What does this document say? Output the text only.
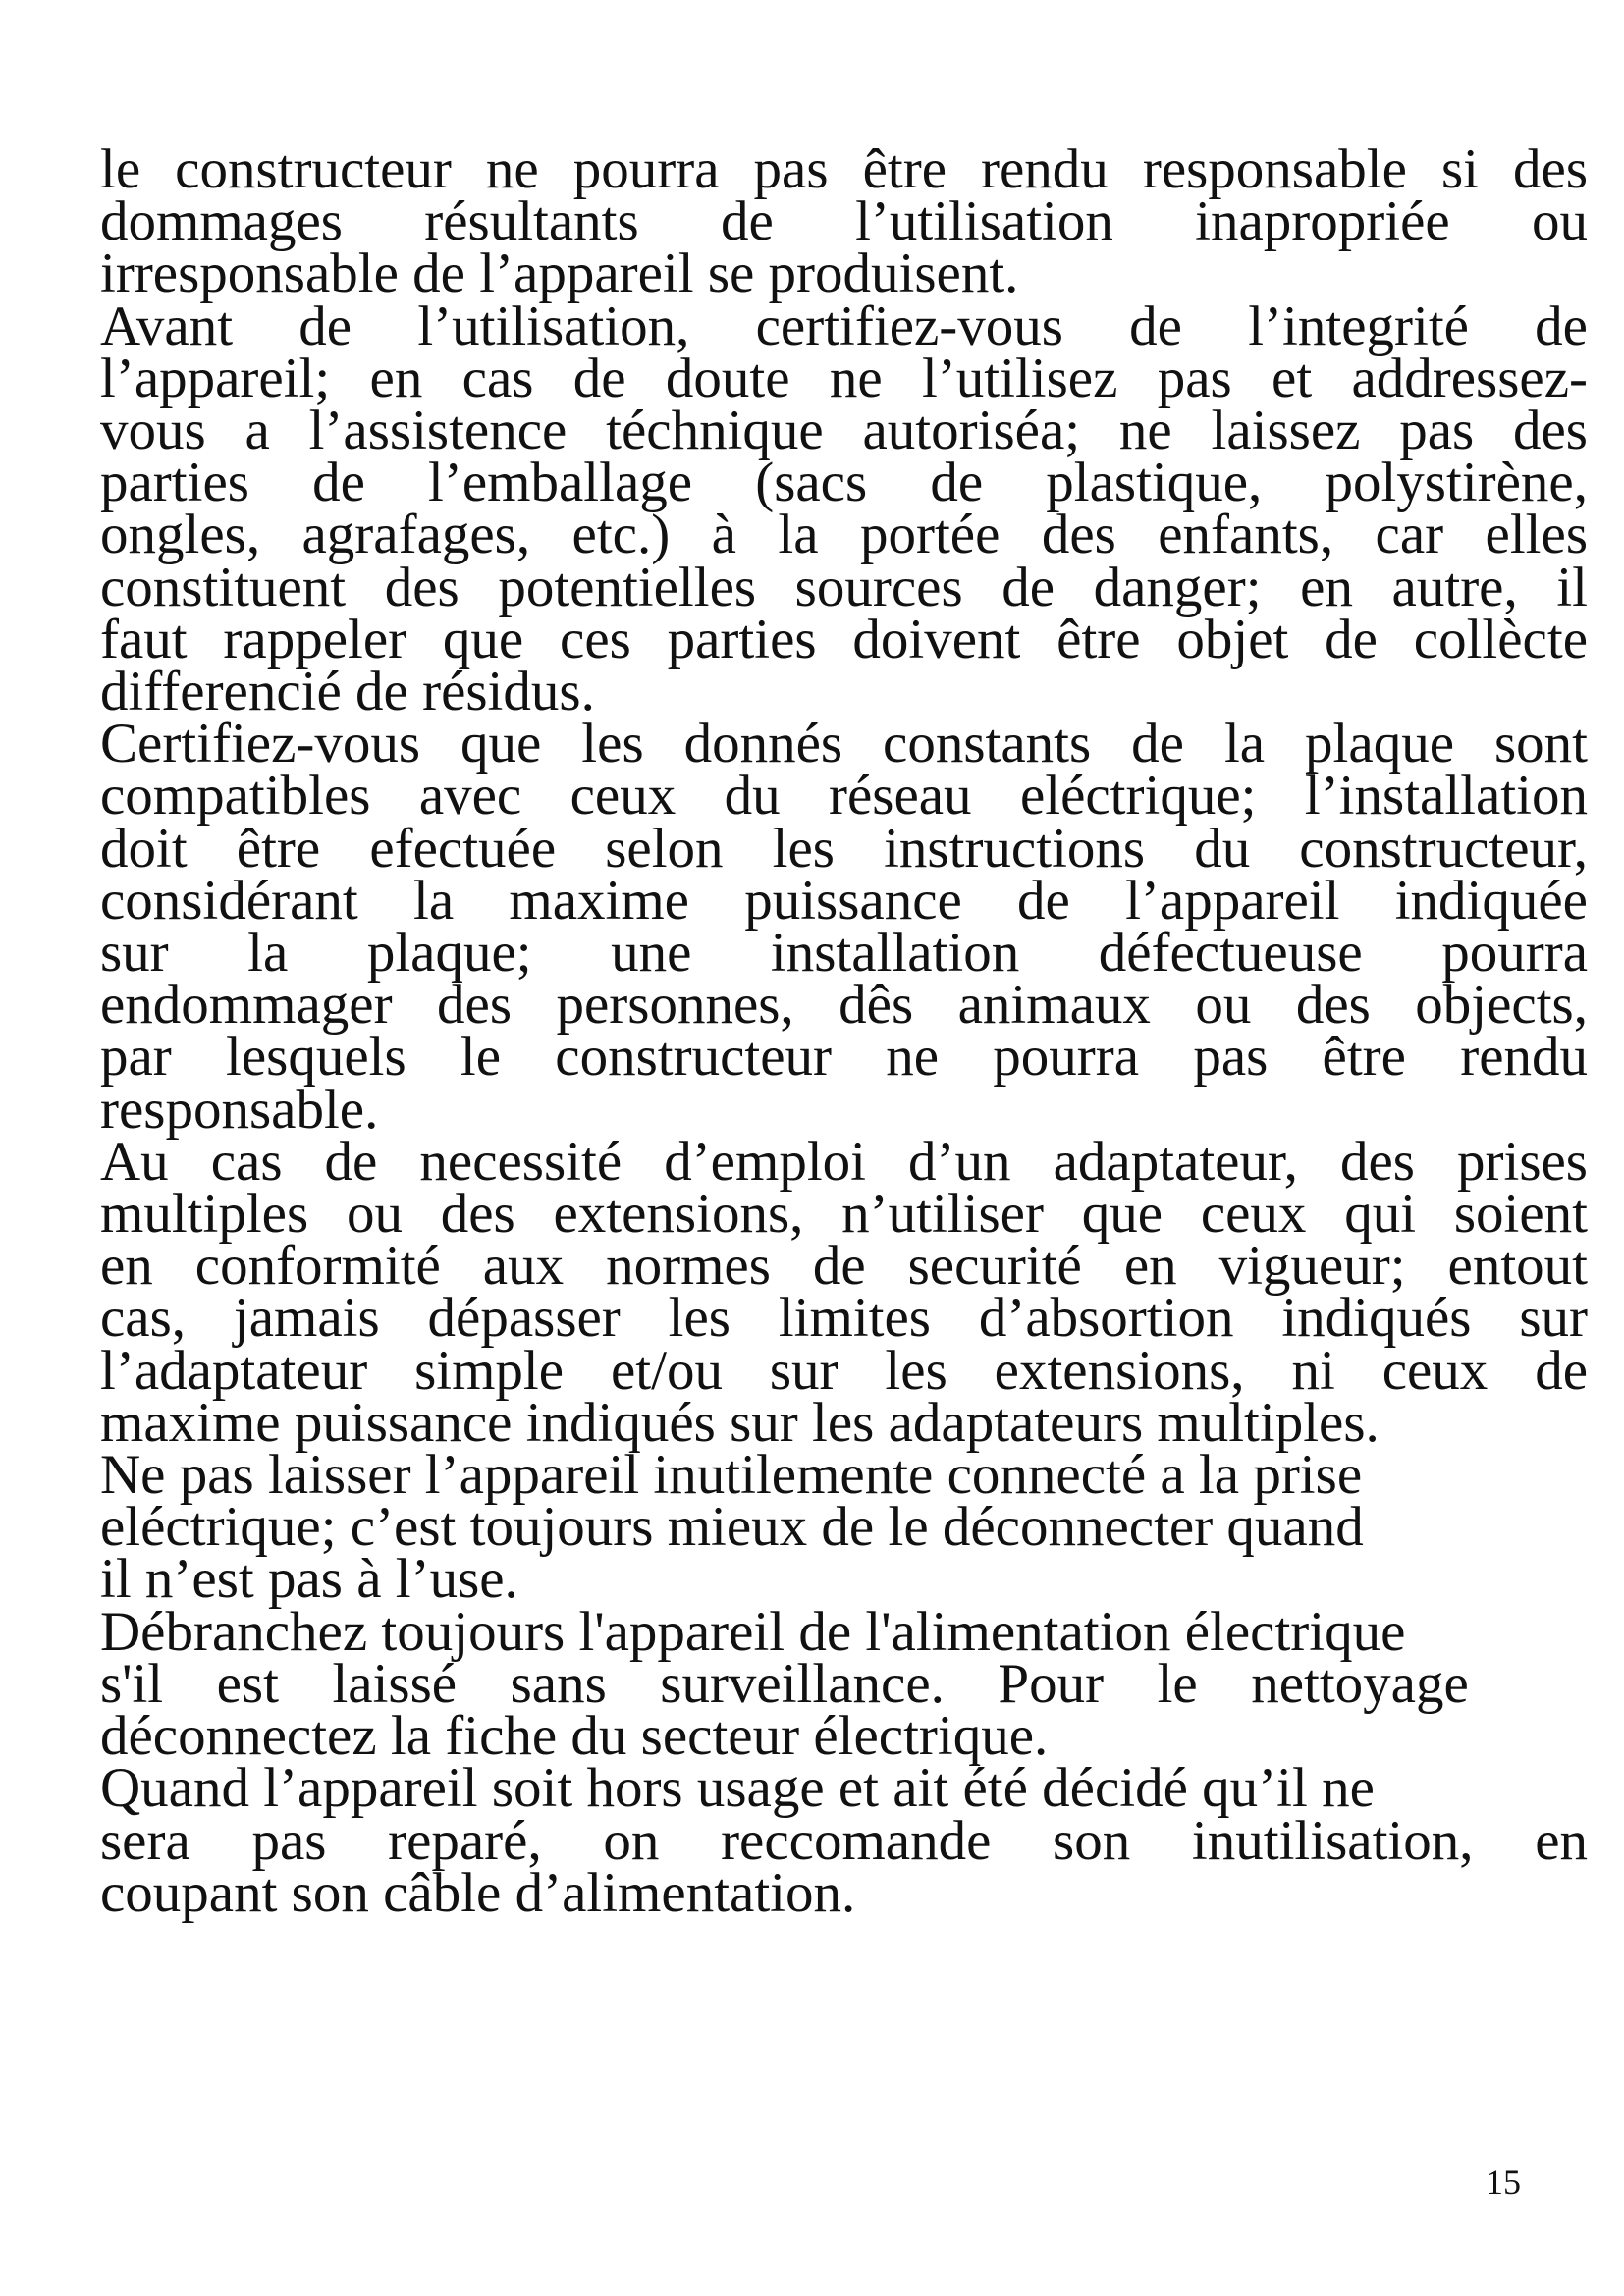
le constructeur ne pourra pas être rendu responsable si des
dommages résultants de l’utilisation inapropriée ou
irresponsable de l’appareil se produisent.
Avant de l’utilisation, certifiez-vous de l’integrité de
l’appareil; en cas de doute ne l’utilisez pas et addressez-
vous a l’assistence téchnique autoriséa; ne laissez pas des
parties de l’emballage (sacs de plastique, polystirène,
ongles, agrafages, etc.) à la portée des enfants, car elles
constituent des potentielles sources de danger; en autre, il
faut rappeler que ces parties doivent être objet de collècte
differencié de résidus.
Certifiez-vous que les donnés constants de la plaque sont
compatibles avec ceux du réseau eléctrique; l’installation
doit être efectuée selon les instructions du constructeur,
considérant la maxime puissance de l’appareil indiquée
sur la plaque; une installation défectueuse pourra
endommager des personnes, dês animaux ou des objects,
par lesquels le constructeur ne pourra pas être rendu
responsable.
Au cas de necessité d’emploi d’un adaptateur, des prises
multiples ou des extensions, n’utiliser que ceux qui soient
en conformité aux normes de securité en vigueur; entout
cas, jamais dépasser les limites d’absortion indiqués sur
l’adaptateur simple et/ou sur les extensions, ni ceux de
maxime puissance indiqués sur les adaptateurs multiples.
Ne pas laisser l’appareil inutilemente connecté a la prise
eléctrique; c’est toujours mieux de le déconnecter quand
il n’est pas à l’use.
Débranchez toujours l'appareil de l'alimentation électrique
s'il est laissé sans surveillance. Pour le nettoyage
déconnectez la fiche du secteur électrique.
Quand l’appareil soit hors usage et ait été décidé qu’il ne
sera pas reparé, on reccomande son inutilisation, en
coupant son câble d’alimentation.
15
